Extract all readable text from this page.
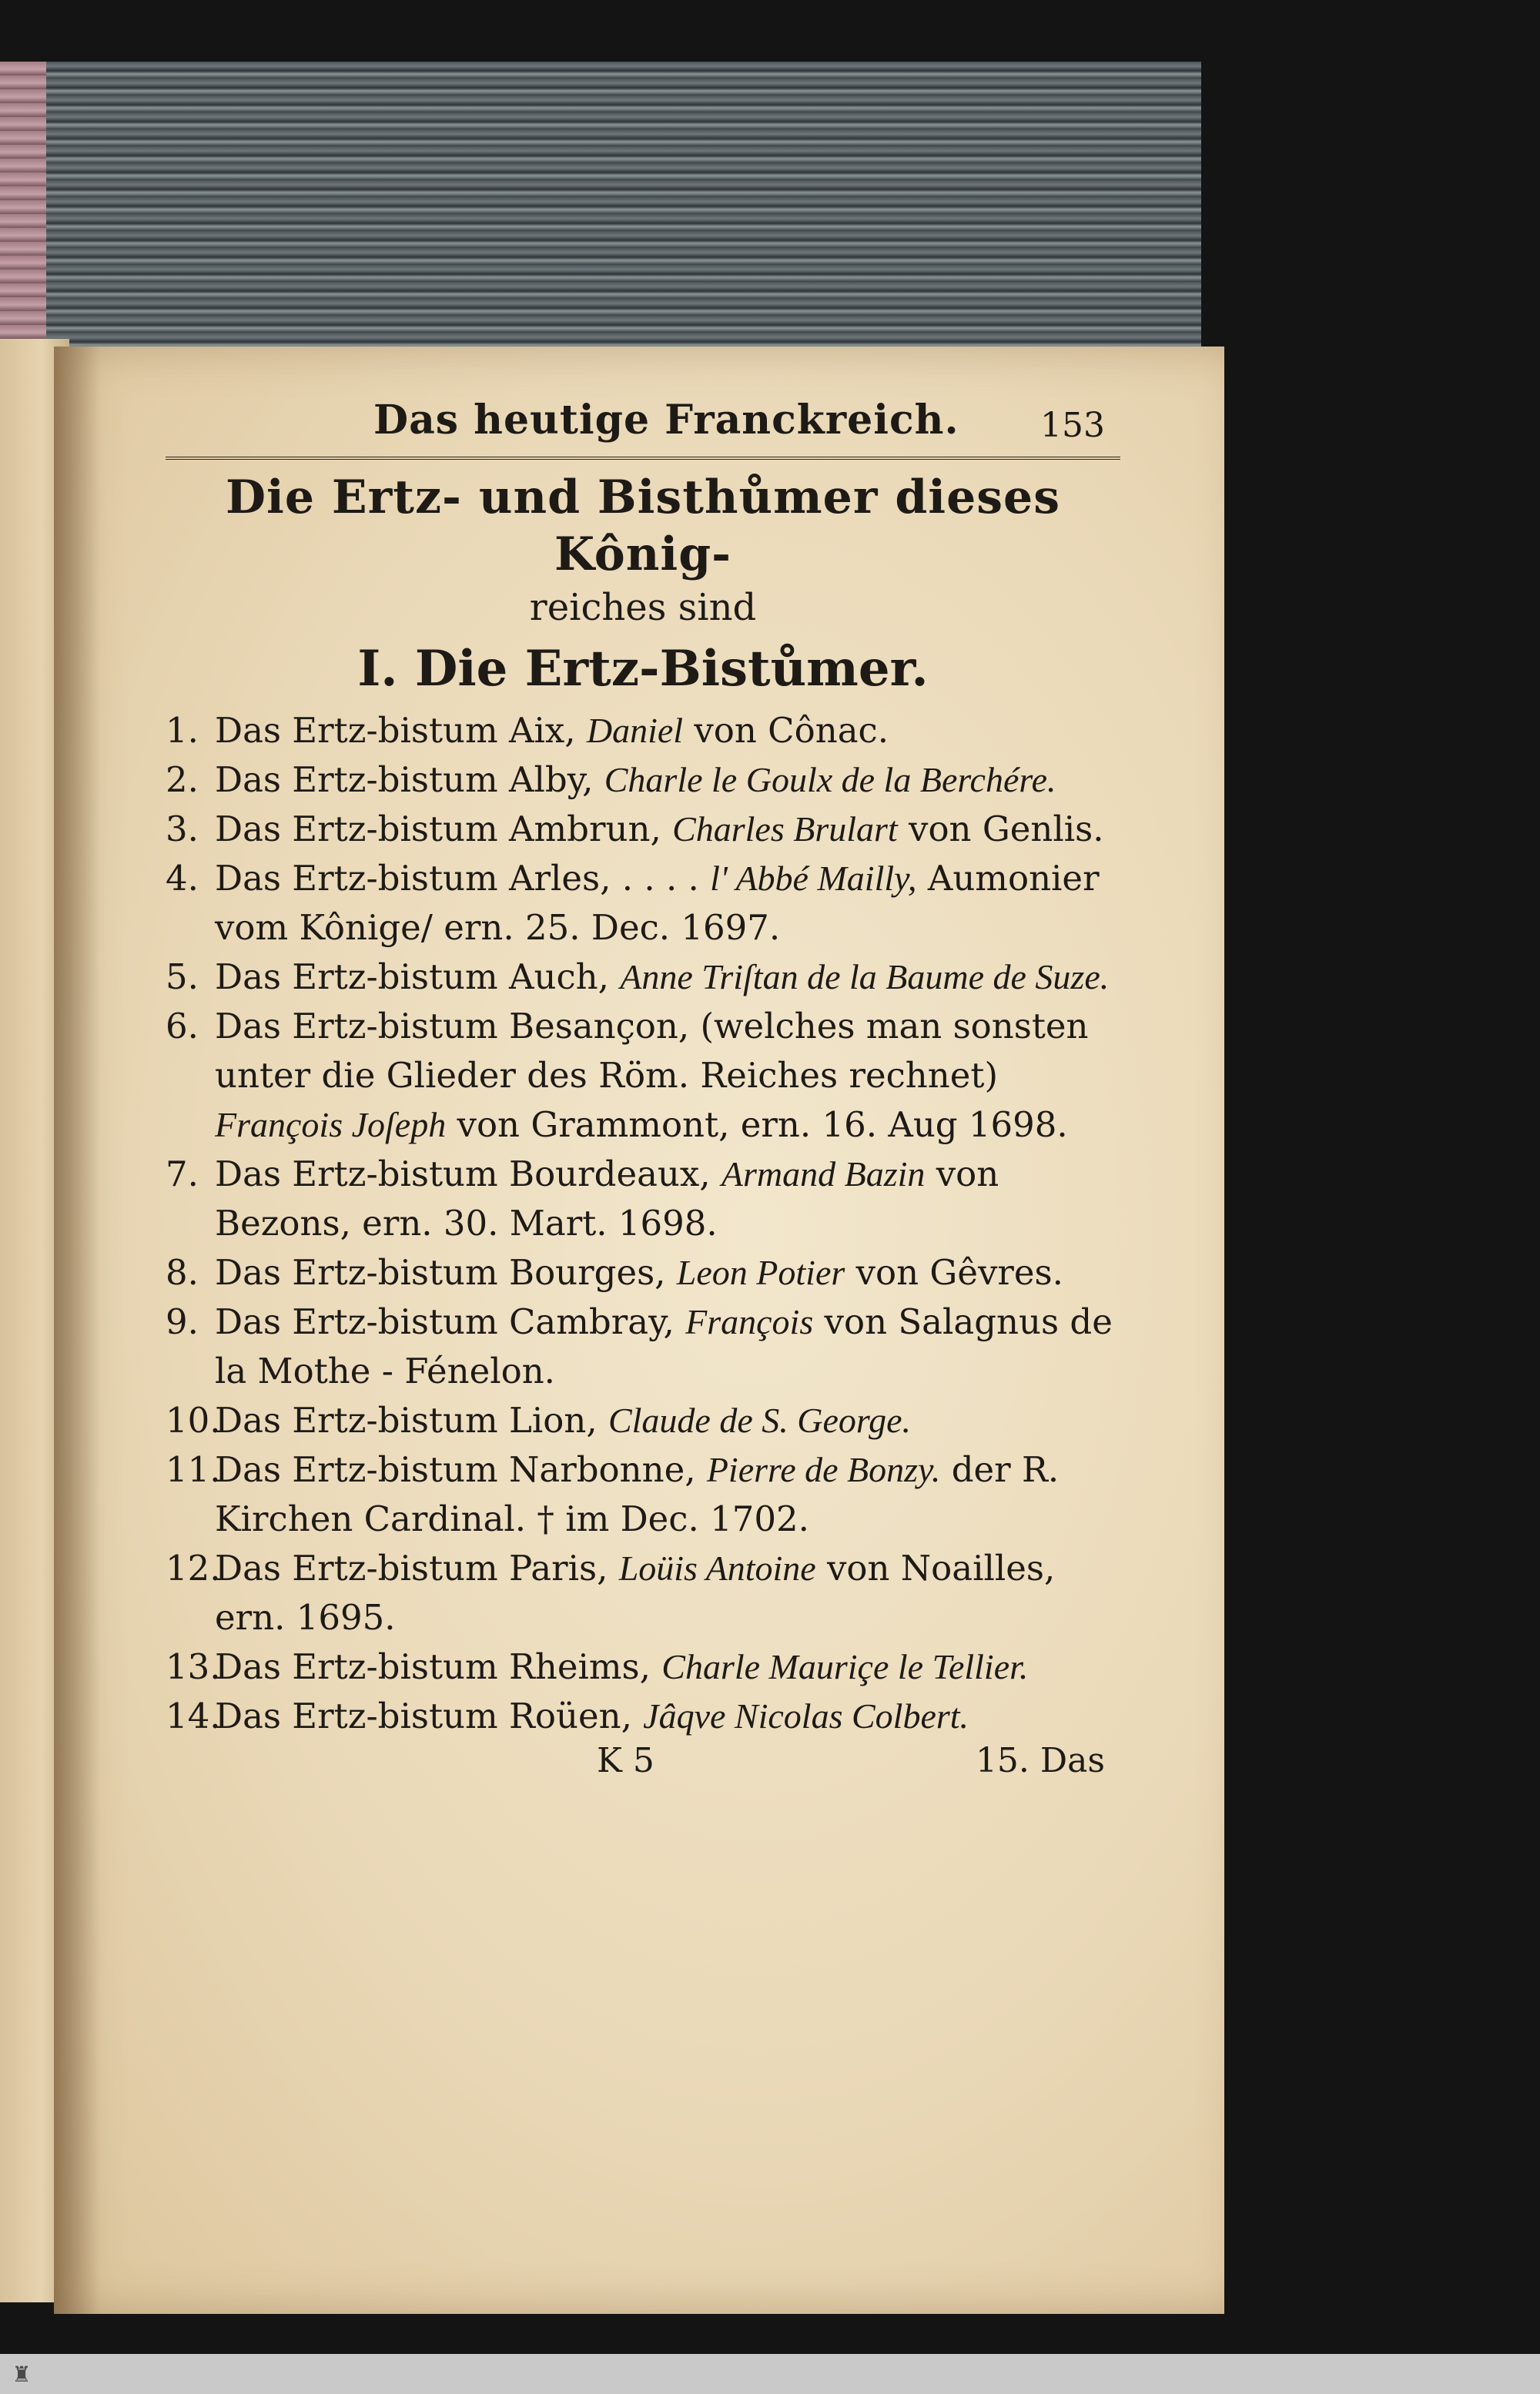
Das heutige Franckreich. 153
Die Ertz- und Bisthůmer dieses Kônig-
reiches sind
I. Die Ertz-Bistůmer.
1. Das Ertz-bistum Aix, Daniel von Cônac.
2. Das Ertz-bistum Alby, Charle le Goulx de la Berchére.
3. Das Ertz-bistum Ambrun, Charles Brulart von Genlis.
4. Das Ertz-bistum Arles, . . . . l' Abbé Mailly, Aumonier vom Kônige/ ern. 25. Dec. 1697.
5. Das Ertz-bistum Auch, Anne Triſtan de la Baume de Suze.
6. Das Ertz-bistum Besançon, (welches man sonsten unter die Glieder des Röm. Reiches rechnet) François Joſeph von Grammont, ern. 16. Aug 1698.
7. Das Ertz-bistum Bourdeaux, Armand Bazin von Bezons, ern. 30. Mart. 1698.
8. Das Ertz-bistum Bourges, Leon Potier von Gêvres.
9. Das Ertz-bistum Cambray, François von Salagnus de la Mothe - Fénelon.
10.
Das Ertz-bistum Lion, Claude de S. George.
11.
Das Ertz-bistum Narbonne, Pierre de Bonzy. der R. Kirchen Cardinal. † im Dec. 1702.
12.
Das Ertz-bistum Paris, Loüis Antoine von Noailles, ern. 1695.
13.
Das Ertz-bistum Rheims, Charle Mauriçe le Tellier.
14.
Das Ertz-bistum Roüen, Jâqve Nicolas Colbert.
K 5	15. Das
♜
